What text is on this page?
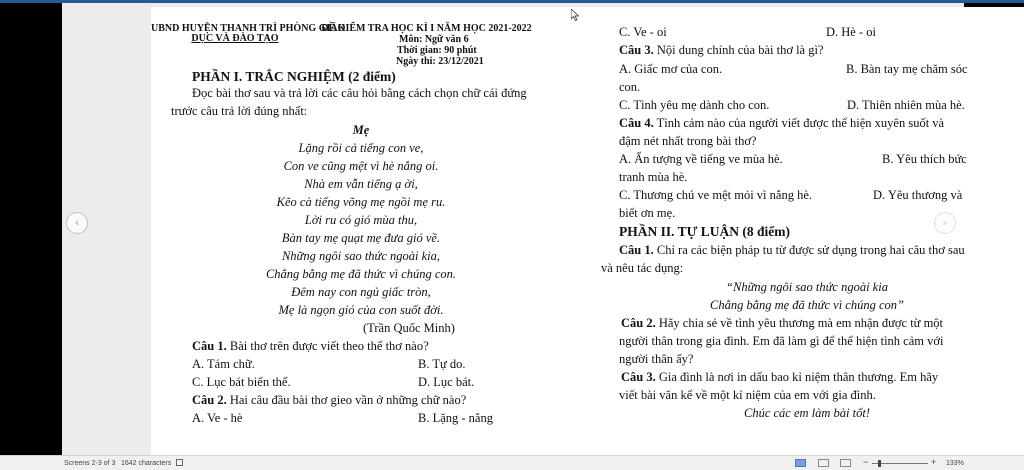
UBND HUYỆN THANH TRÌ PHÒNG GIÁO
DỤC VÀ ĐÀO TẠO
ĐỀ KIỂM TRA HỌC KÌ I NĂM HỌC 2021-2022
Môn: Ngữ văn 6
Thời gian: 90 phút
Ngày thi: 23/12/2021
PHẦN I. TRẮC NGHIỆM (2 điểm)
Đọc bài thơ sau và trả lời các câu hỏi bằng cách chọn chữ cái đứng
trước câu trả lời đúng nhất:
Mẹ
Lặng rồi cả tiếng con ve,
Con ve cũng mệt vì hè nắng oi.
Nhà em vẫn tiếng ạ ời,
Kẽo cà tiếng võng mẹ ngồi mẹ ru.
Lời ru có gió mùa thu,
Bàn tay mẹ quạt mẹ đưa gió về.
Những ngôi sao thức ngoài kia,
Chẳng bằng mẹ đã thức vì chúng con.
Đêm nay con ngủ giấc tròn,
Mẹ là ngọn gió của con suốt đời.
(Trần Quốc Minh)
Câu 1. Bài thơ trên được viết theo thể thơ nào?
A. Tám chữ.	B. Tự do.
C. Lục bát biến thể.	D. Lục bát.
Câu 2. Hai câu đầu bài thơ gieo vần ở những chữ nào?
A. Ve - hè	B. Lặng - nắng
C. Ve - oi	D. Hè - oi
Câu 3. Nội dung chính của bài thơ là gì?
A. Giấc mơ của con.	B. Bàn tay mẹ chăm sóc
con.
C. Tình yêu mẹ dành cho con.	D. Thiên nhiên mùa hè.
Câu 4. Tình cảm nào của người viết được thể hiện xuyên suốt và
đậm nét nhất trong bài thơ?
A. Ấn tượng về tiếng ve mùa hè.	B. Yêu thích bức
tranh mùa hè.
C. Thương chú ve mệt mỏi vì nắng hè.	D. Yêu thương và
biết ơn mẹ.
PHẦN II. TỰ LUẬN (8 điểm)
Câu 1. Chỉ ra các biện pháp tu từ được sử dụng trong hai câu thơ sau
và nêu tác dụng:
“Những ngôi sao thức ngoài kia
Chẳng bằng mẹ đã thức vì chúng con”
Câu 2. Hãy chia sẻ về tình yêu thương mà em nhận được từ một
người thân trong gia đình. Em đã làm gì để thể hiện tình cảm với
người thân ấy?
Câu 3. Gia đình là nơi in dấu bao kỉ niệm thân thương. Em hãy
viết bài văn kể về một kỉ niệm của em với gia đình.
Chúc các em làm bài tốt!
‹	›
Screens 2-3 of 3 1642 characters	−	+ 133%
